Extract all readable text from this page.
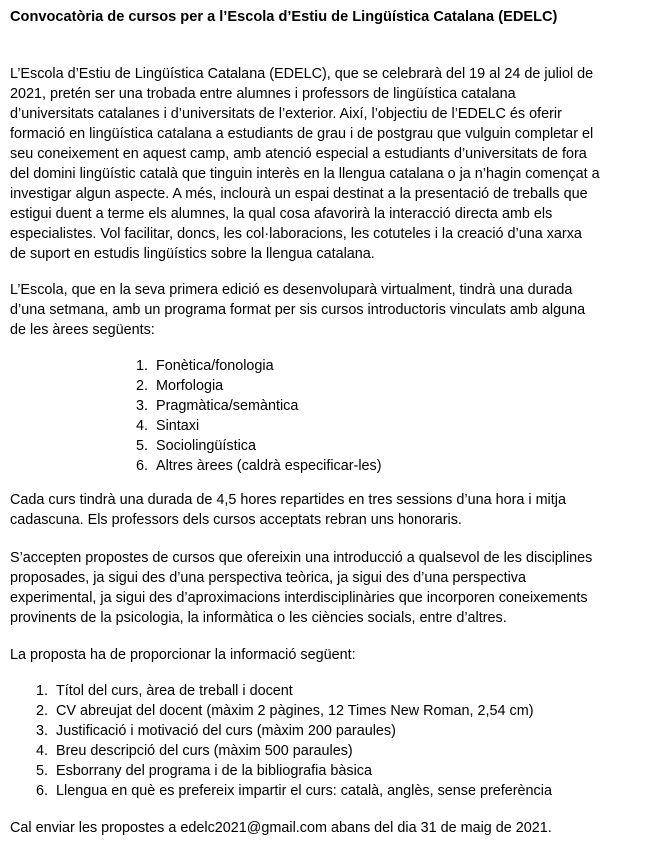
Convocatòria de cursos per a l’Escola d’Estiu de Lingüística Catalana (EDELC)

L’Escola d’Estiu de Lingüística Catalana (EDELC), que se celebrarà del 19 al 24 de juliol de
2021, pretén ser una trobada entre alumnes i professors de lingüística catalana
d’universitats catalanes i d’universitats de l’exterior. Així, l’objectiu de l’EDELC és oferir
formació en lingüística catalana a estudiants de grau i de postgrau que vulguin completar el
seu coneixement en aquest camp, amb atenció especial a estudiants d’universitats de fora
del domini lingüístic català que tinguin interès en la llengua catalana o ja n’hagin començat a
investigar algun aspecte. A més, inclourà un espai destinat a la presentació de treballs que
estigui duent a terme els alumnes, la qual cosa afavorirà la interacció directa amb els
especialistes. Vol facilitar, doncs, les col·laboracions, les cotuteles i la creació d’una xarxa
de suport en estudis lingüístics sobre la llengua catalana.

L’Escola, que en la seva primera edició es desenvoluparà virtualment, tindrà una durada
d’una setmana, amb un programa format per sis cursos introductoris vinculats amb alguna
de les àrees següents:

1. Fonètica/fonologia
2. Morfologia
3. Pragmàtica/semàntica
4. Sintaxi
5. Sociolingüística
6. Altres àrees (caldrà especificar-les)

Cada curs tindrà una durada de 4,5 hores repartides en tres sessions d’una hora i mitja
cadascuna. Els professors dels cursos acceptats rebran uns honoraris.

S’accepten propostes de cursos que ofereixin una introducció a qualsevol de les disciplines
proposades, ja sigui des d’una perspectiva teòrica, ja sigui des d’una perspectiva
experimental, ja sigui des d’aproximacions interdisciplinàries que incorporen coneixements
provinents de la psicologia, la informàtica o les ciències socials, entre d’altres.

La proposta ha de proporcionar la informació següent:

1. Títol del curs, àrea de treball i docent
2. CV abreujat del docent (màxim 2 pàgines, 12 Times New Roman, 2,54 cm)
3. Justificació i motivació del curs (màxim 200 paraules)
4. Breu descripció del curs (màxim 500 paraules)
5. Esborrany del programa i de la bibliografia bàsica
6. Llengua en què es prefereix impartir el curs: català, anglès, sense preferència

Cal enviar les propostes a edelc2021@gmail.com abans del dia 31 de maig de 2021.
